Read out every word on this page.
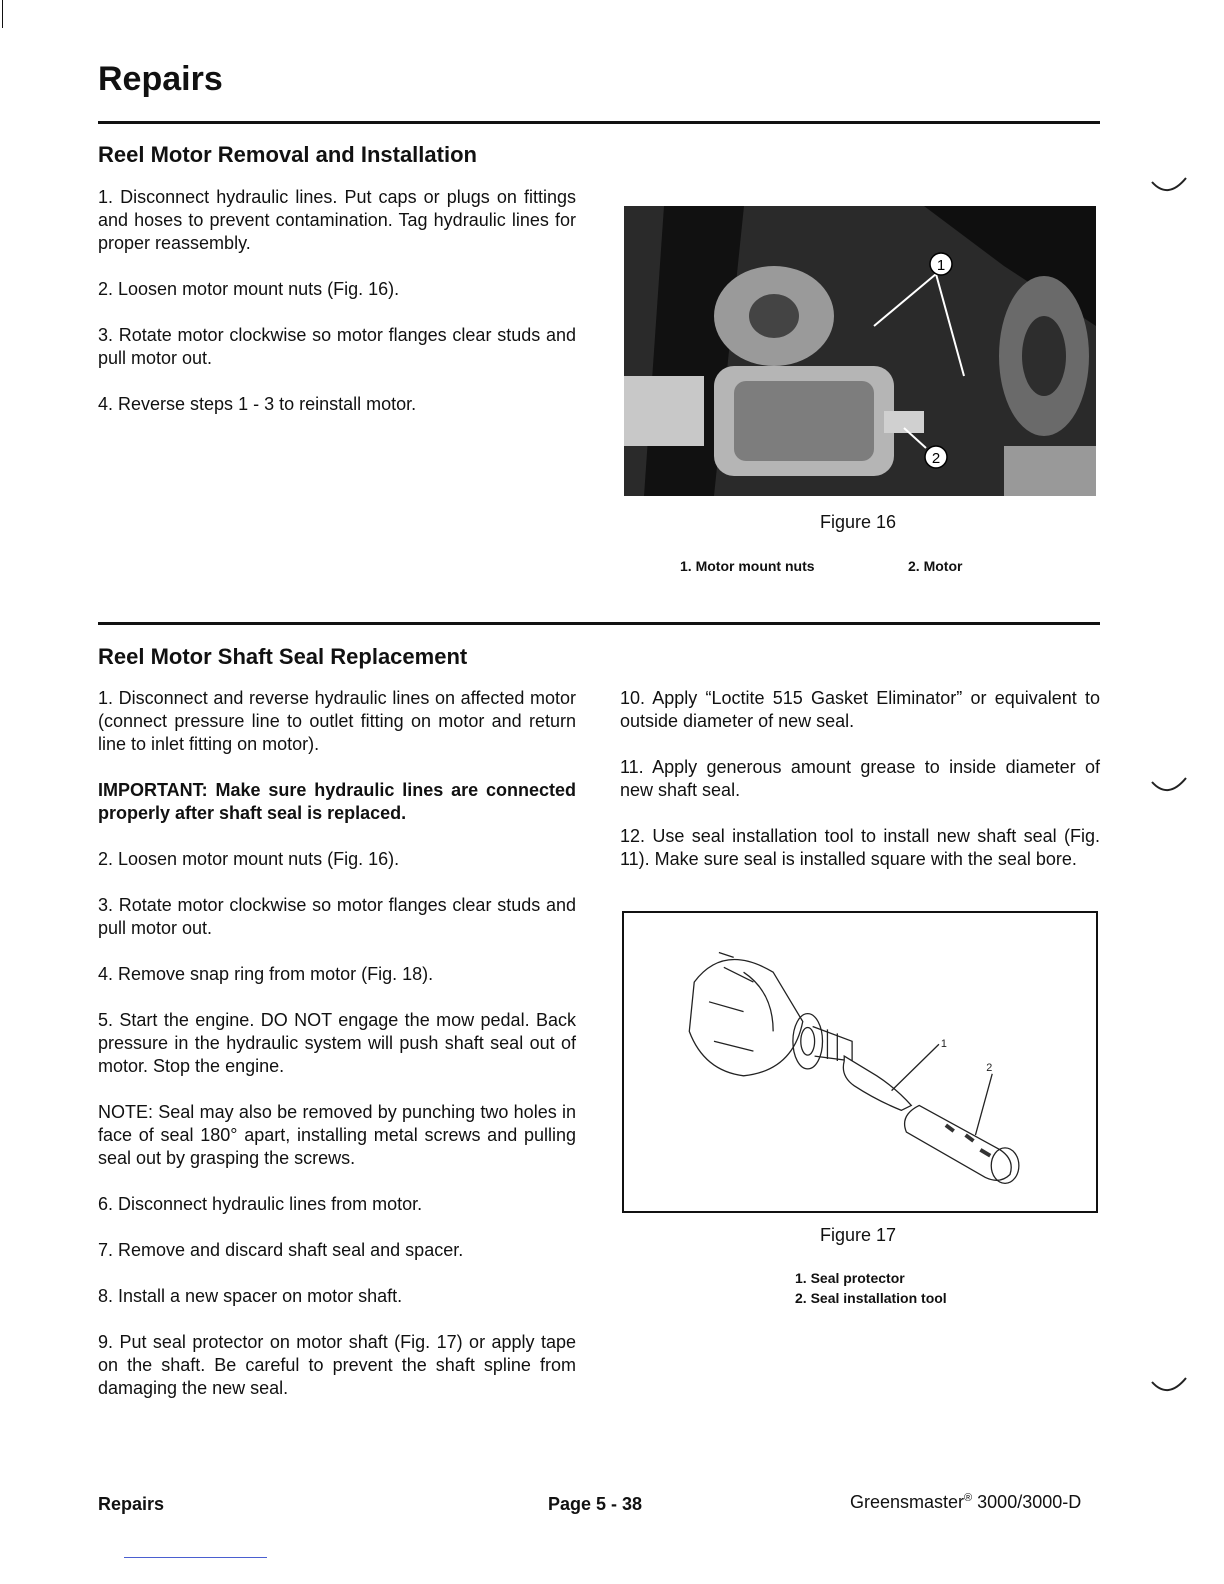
Repairs
Reel Motor Removal and Installation

1. Disconnect hydraulic lines. Put caps or plugs on fittings and hoses to prevent contamination. Tag hydraulic lines for proper reassembly.

2. Loosen motor mount nuts (Fig. 16).

3. Rotate motor clockwise so motor flanges clear studs and pull motor out.

4. Reverse steps 1 - 3 to reinstall motor.

1
2
Figure 16
1. Motor mount nuts	2. Motor
Reel Motor Shaft Seal Replacement

1. Disconnect and reverse hydraulic lines on affected motor (connect pressure line to outlet fitting on motor and return line to inlet fitting on motor).

IMPORTANT: Make sure hydraulic lines are connected properly after shaft seal is replaced.

2. Loosen motor mount nuts (Fig. 16).

3. Rotate motor clockwise so motor flanges clear studs and pull motor out.

4. Remove snap ring from motor (Fig. 18).

5. Start the engine. DO NOT engage the mow pedal. Back pressure in the hydraulic system will push shaft seal out of motor. Stop the engine.

NOTE: Seal may also be removed by punching two holes in face of seal 180° apart, installing metal screws and pulling seal out by grasping the screws.

6. Disconnect hydraulic lines from motor.

7. Remove and discard shaft seal and spacer.

8. Install a new spacer on motor shaft.

9. Put seal protector on motor shaft (Fig. 17) or apply tape on the shaft. Be careful to prevent the shaft spline from damaging the new seal.

10. Apply “Loctite 515 Gasket Eliminator” or equivalent to outside diameter of new seal.

11. Apply generous amount grease to inside diameter of new shaft seal.

12. Use seal installation tool to install new shaft seal (Fig. 11). Make sure seal is installed square with the seal bore.

1
2
Figure 17
1. Seal protector
2. Seal installation tool
Repairs	Page 5 - 38	Greensmaster® 3000/3000-D
